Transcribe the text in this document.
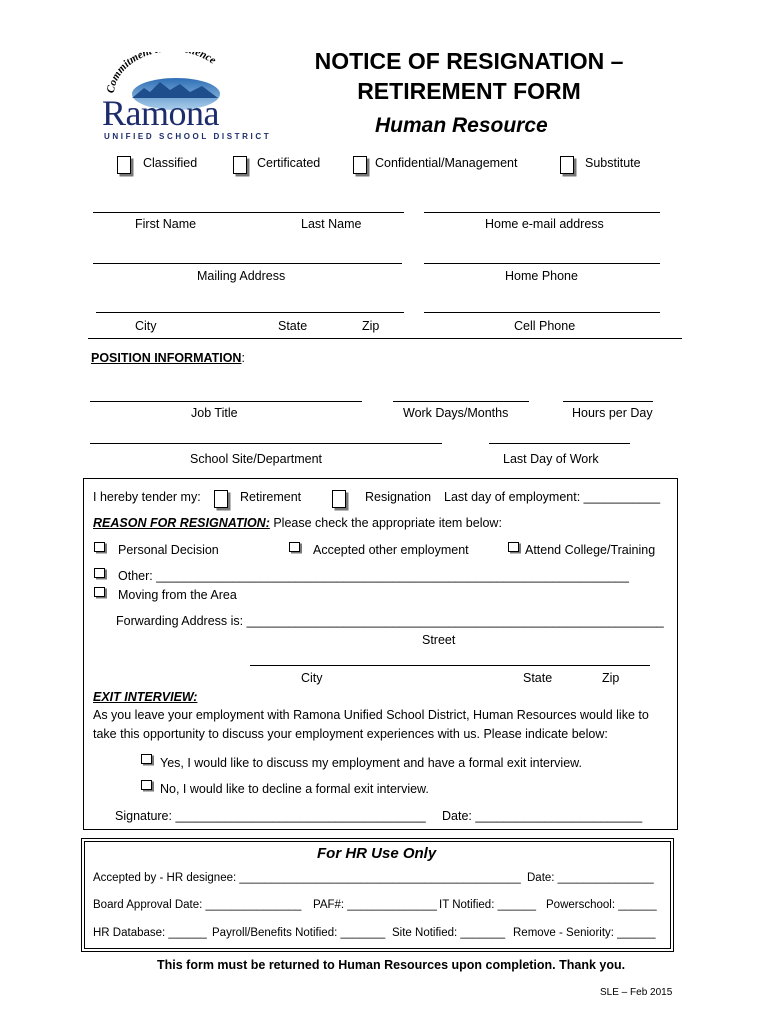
Commitmen ence
Ramona
UNIFIED SCHOOL DISTRICT
NOTICE OF RESIGNATION –
RETIREMENT FORM
Human Resource
Classified	Certificated	Confidential/Management	Substitute
First Name	Last Name	Home e-mail address
Mailing Address	Home Phone
City	State	Zip	Cell Phone
POSITION INFORMATION:
Job Title	Work Days/Months	Hours per Day
School Site/Department	Last Day of Work
I hereby tender my:	Retirement	Resignation Last day of employment: ___________
REASON FOR RESIGNATION: Please check the appropriate item below:
Personal Decision	Accepted other employment	Attend College/Training
Other: ____________________________________________________________________
Moving from the Area
Forwarding Address is: ____________________________________________________________
Street
City	State	Zip
EXIT INTERVIEW:
As you leave your employment with Ramona Unified School District, Human Resources would like to
take this opportunity to discuss your employment experiences with us. Please indicate below:
Yes, I would like to discuss my employment and have a formal exit interview.
No, I would like to decline a formal exit interview.
Signature: ____________________________________ Date: ________________________
For HR Use Only
Accepted by - HR designee: ____________________________________________ Date: _______________
Board Approval Date: _______________ PAF#: ______________ IT Notified: ______ Powerschool: ______
HR Database: ______ Payroll/Benefits Notified: _______ Site Notified: _______ Remove - Seniority: ______
This form must be returned to Human Resources upon completion. Thank you.
SLE – Feb 2015
